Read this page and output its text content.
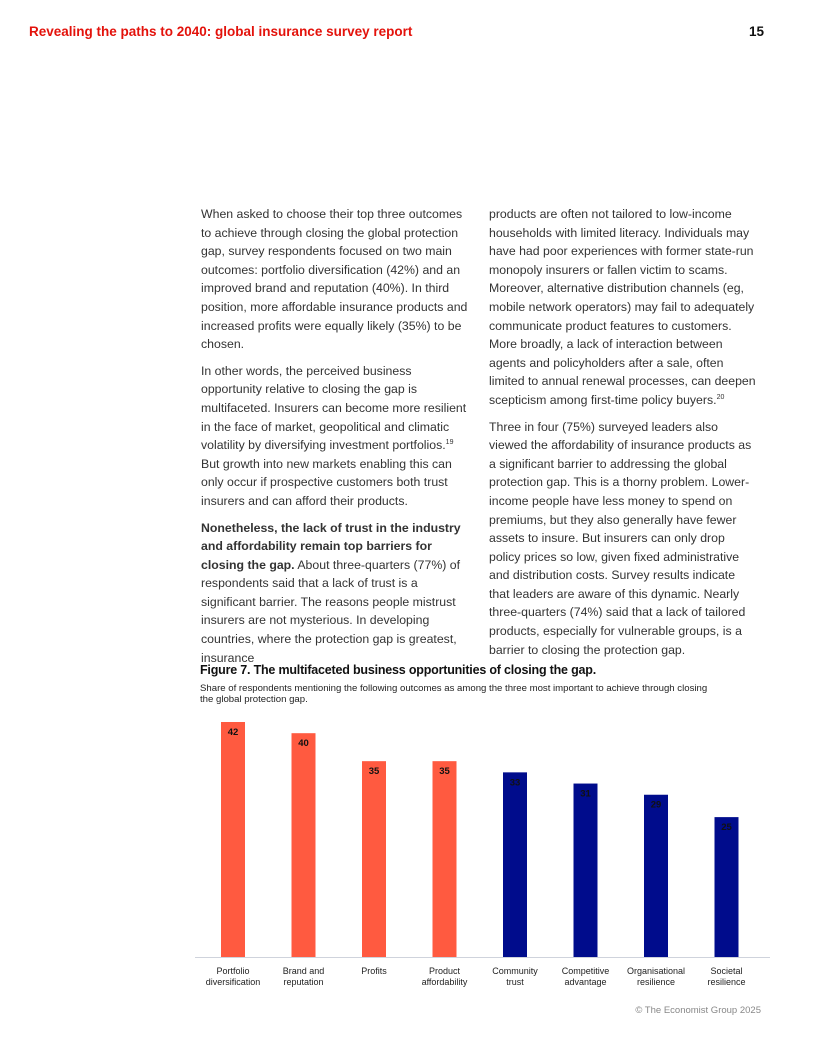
Revealing the paths to 2040: global insurance survey report	15

When asked to choose their top three outcomes to achieve through closing the global protection gap, survey respondents focused on two main outcomes: portfolio diversification (42%) and an improved brand and reputation (40%). In third position, more affordable insurance products and increased profits were equally likely (35%) to be chosen.

In other words, the perceived business opportunity relative to closing the gap is multifaceted. Insurers can become more resilient in the face of market, geopolitical and climatic volatility by diversifying investment portfolios.$^{19}$ But growth into new markets enabling this can only occur if prospective customers both trust insurers and can afford their products.

Nonetheless, the lack of trust in the industry and affordability remain top barriers for closing the gap. About three-quarters (77%) of respondents said that a lack of trust is a significant barrier. The reasons people mistrust insurers are not mysterious. In developing countries, where the protection gap is greatest, insurance

products are often not tailored to low-income households with limited literacy. Individuals may have had poor experiences with former state-run monopoly insurers or fallen victim to scams. Moreover, alternative distribution channels (eg, mobile network operators) may fail to adequately communicate product features to customers. More broadly, a lack of interaction between agents and policyholders after a sale, often limited to annual renewal processes, can deepen scepticism among first-time policy buyers.$^{20}$

Three in four (75%) surveyed leaders also viewed the affordability of insurance products as a significant barrier to addressing the global protection gap. This is a thorny problem. Lower-income people have less money to spend on premiums, but they also generally have fewer assets to insure. But insurers can only drop policy prices so low, given fixed administrative and distribution costs. Survey results indicate that leaders are aware of this dynamic. Nearly three-quarters (74%) said that a lack of tailored products, especially for vulnerable groups, is a barrier to closing the protection gap.

Figure 7. The multifaceted business opportunities of closing the gap.
Share of respondents mentioning the following outcomes as among the three most important to achieve through closing the global protection gap.
42
Portfolio
diversification
40
Brand and
reputation
35
Profits
35
Product
affordability
33
Community
trust
31
Competitive
advantage
29
Organisational
resilience
25
Societal
resilience
© The Economist Group 2025
